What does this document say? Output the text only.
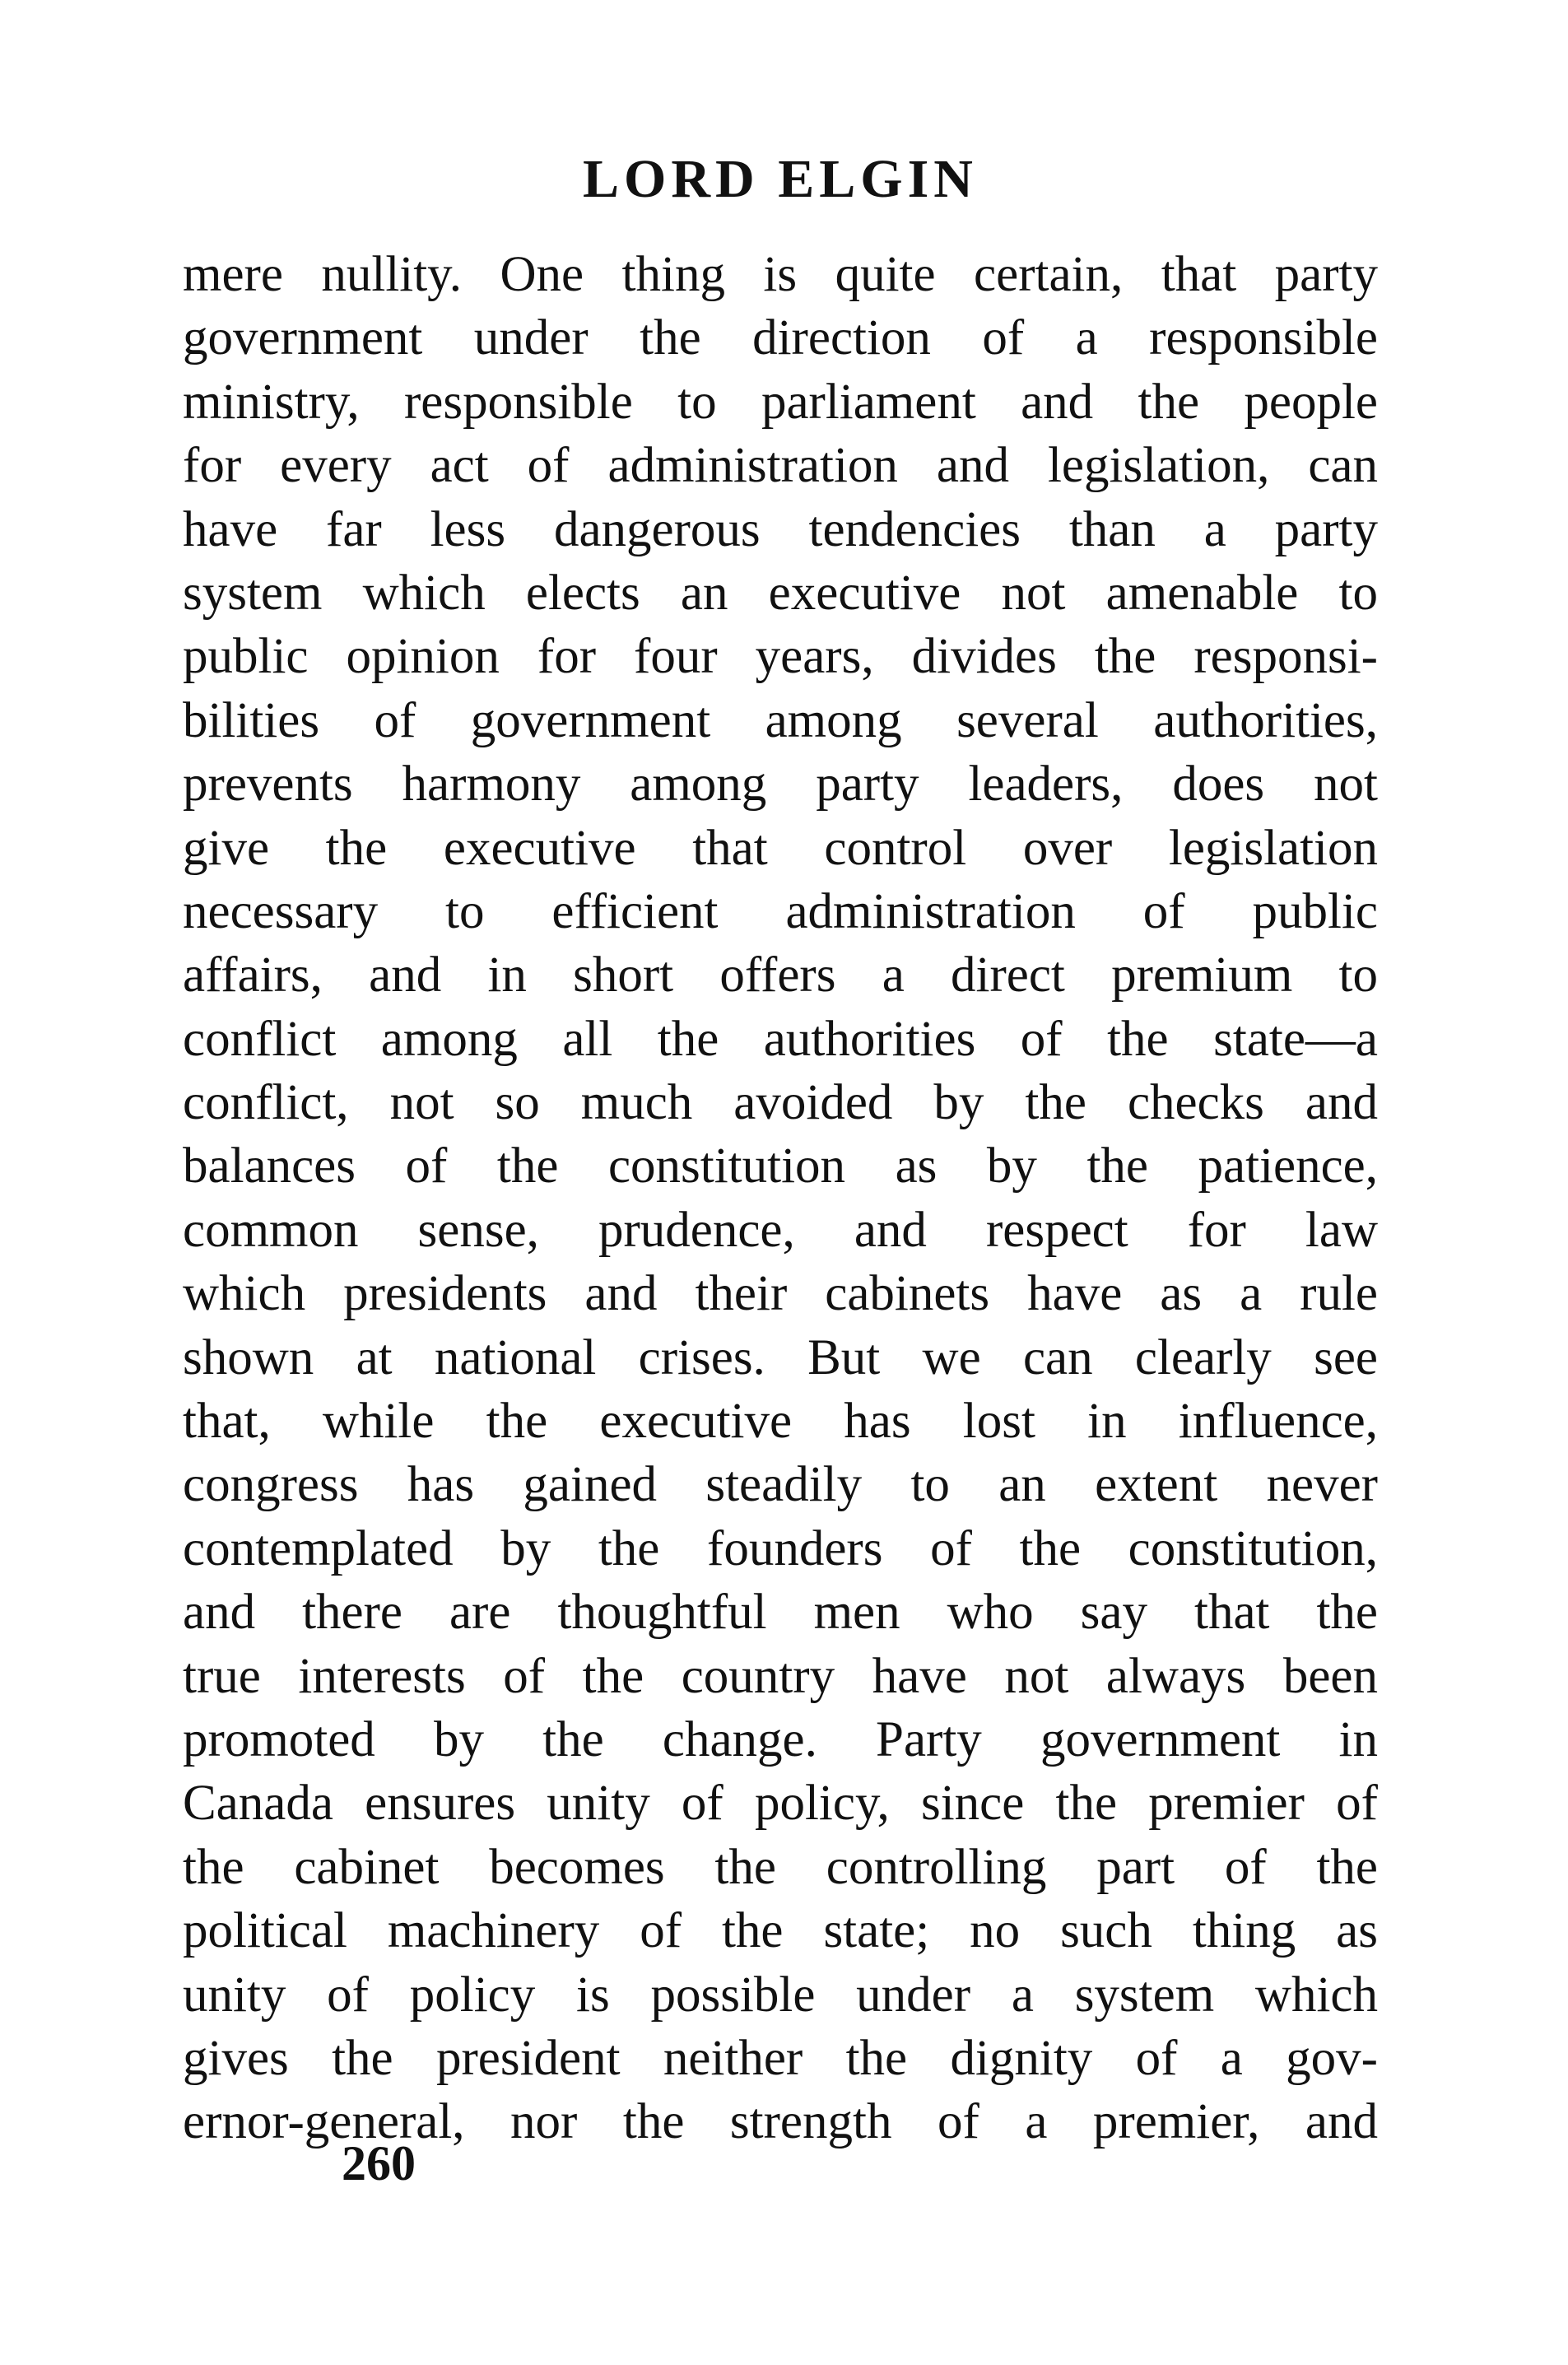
LORD ELGIN
mere nullity. One thing is quite certain, that party
government under the direction of a responsible
ministry, responsible to parliament and the people
for every act of administration and legislation, can
have far less dangerous tendencies than a party
system which elects an executive not amenable to
public opinion for four years, divides the responsi-
bilities of government among several authorities,
prevents harmony among party leaders, does not
give the executive that control over legislation
necessary to efficient administration of public
affairs, and in short offers a direct premium to
conflict among all the authorities of the state—a
conflict, not so much avoided by the checks and
balances of the constitution as by the patience,
common sense, prudence, and respect for law
which presidents and their cabinets have as a rule
shown at national crises. But we can clearly see
that, while the executive has lost in influence,
congress has gained steadily to an extent never
contemplated by the founders of the constitution,
and there are thoughtful men who say that the
true interests of the country have not always been
promoted by the change. Party government in
Canada ensures unity of policy, since the premier of
the cabinet becomes the controlling part of the
political machinery of the state; no such thing as
unity of policy is possible under a system which
gives the president neither the dignity of a gov-
ernor-general, nor the strength of a premier, and
260
